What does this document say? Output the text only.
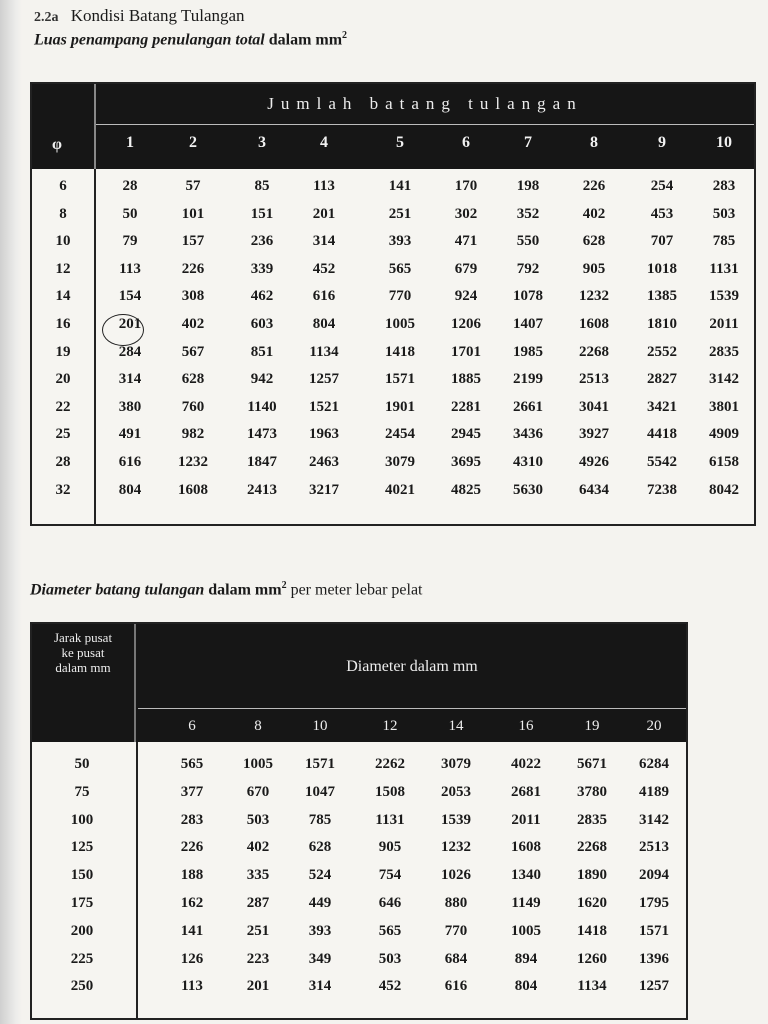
2.2a Kondisi Batang Tulangan
Luas penampang penulangan total dalam $mm^2$
φ
Jumlah batang tulangan
1	2	3	4	5	6	7	8	9	10
6	28	57	85	113	141	170	198	226	254	283
8	50	101	151	201	251	302	352	402	453	503
10	79	157	236	314	393	471	550	628	707	785
12	113	226	339	452	565	679	792	905	1018	1131
14	154	308	462	616	770	924	1078	1232	1385	1539
16	201	402	603	804	1005	1206	1407	1608	1810	2011
19	284	567	851	1134	1418	1701	1985	2268	2552	2835
20	314	628	942	1257	1571	1885	2199	2513	2827	3142
22	380	760	1140	1521	1901	2281	2661	3041	3421	3801
25	491	982	1473	1963	2454	2945	3436	3927	4418	4909
28	616	1232	1847	2463	3079	3695	4310	4926	5542	6158
32	804	1608	2413	3217	4021	4825	5630	6434	7238	8042
Diameter batang tulangan dalam $mm^2$ per meter lebar pelat
Jarak pusat
ke pusat
dalam mm	Diameter dalam mm
6	8	10	12	14	16	19	20
50	565	1005	1571	2262	3079	4022	5671	6284
75	377	670	1047	1508	2053	2681	3780	4189
100	283	503	785	1131	1539	2011	2835	3142
125	226	402	628	905	1232	1608	2268	2513
150	188	335	524	754	1026	1340	1890	2094
175	162	287	449	646	880	1149	1620	1795
200	141	251	393	565	770	1005	1418	1571
225	126	223	349	503	684	894	1260	1396
250	113	201	314	452	616	804	1134	1257
